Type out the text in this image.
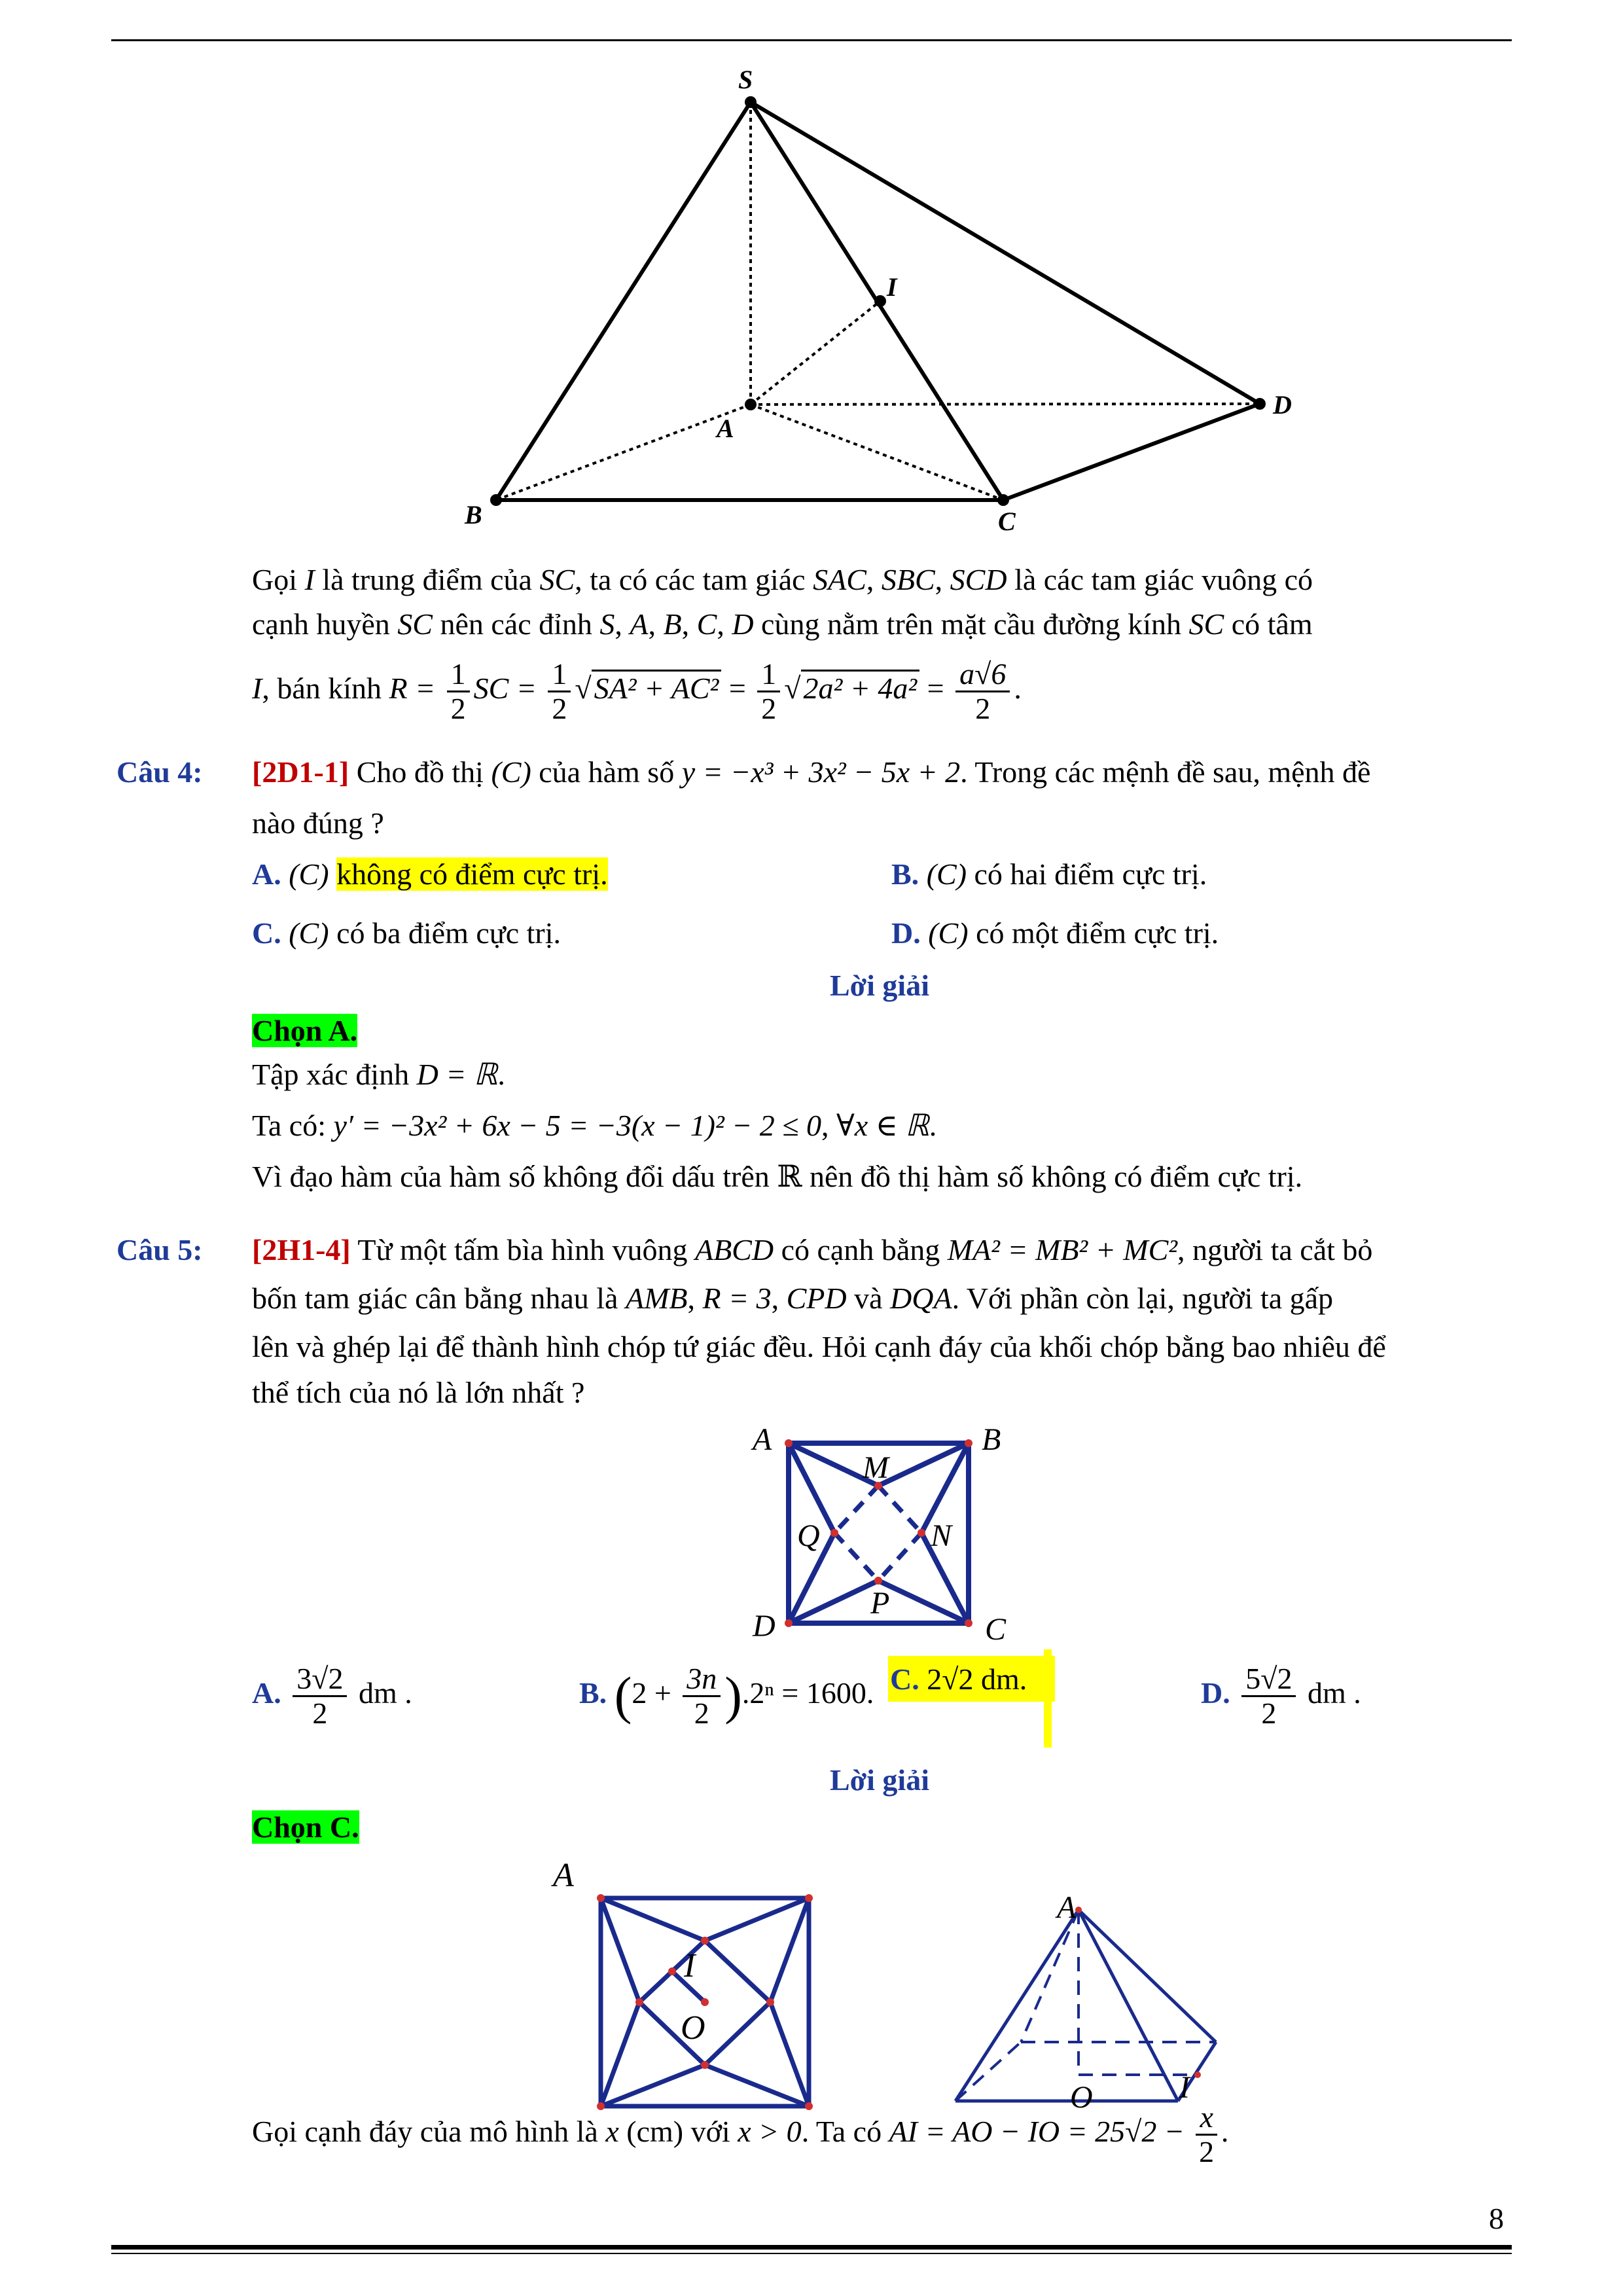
S
I
A
D
B	C
Gọi I là trung điểm của SC, ta có các tam giác SAC, SBC, SCD là các tam giác vuông có
cạnh huyền SC nên các đỉnh S, A, B, C, D cùng nằm trên mặt cầu đường kính SC có tâm
I, bán kính $R = \frac{1}{2}$ SC = $\frac{1}{2} √SA^2 + AC^2 = \frac{1}{2} √2a^2 + 4a^2 = \frac{a√6}{2}$ .
Câu 4: [2D1-1] Cho đồ thị (C) của hàm số y = −x³ + 3x² − 5x + 2. Trong các mệnh đề sau, mệnh đề
nào đúng ?
A. (C) không có điểm cực trị.	B. (C) có hai điểm cực trị.
C. (C) có ba điểm cực trị.	D. (C) có một điểm cực trị.
Lời giải
Chọn A.
Tập xác định D = ℝ.
Ta có: y′ = −3x² + 6x − 5 = −3(x − 1)² − 2 ≤ 0, ∀x ∈ ℝ.
Vì đạo hàm của hàm số không đổi dấu trên ℝ nên đồ thị hàm số không có điểm cực trị.
Câu 5: [2H1-4] Từ một tấm bìa hình vuông ABCD có cạnh bằng MA² = MB² + MC², người ta cắt bỏ
bốn tam giác cân bằng nhau là AMB, R = 3, CPD và DQA. Với phần còn lại, người ta gấp
lên và ghép lại để thành hình chóp tứ giác đều. Hỏi cạnh đáy của khối chóp bằng bao nhiêu để
thể tích của nó là lớn nhất ?
A	B
M
Q	N
P
D	C
A. $\frac{3√2}{2}$ dm .	B. $(2 + \frac{3n}{2} ).2^n = 1600$. C. 2√2 dm.	D. $\frac{5√2}{2}$ dm .
Lời giải
Chọn C.
A
I
O
A
O	I
Gọi cạnh đáy của mô hình là x (cm) với x > 0. Ta có AI = AO − IO = $25√2 - \frac{x}{2}$ .
8
